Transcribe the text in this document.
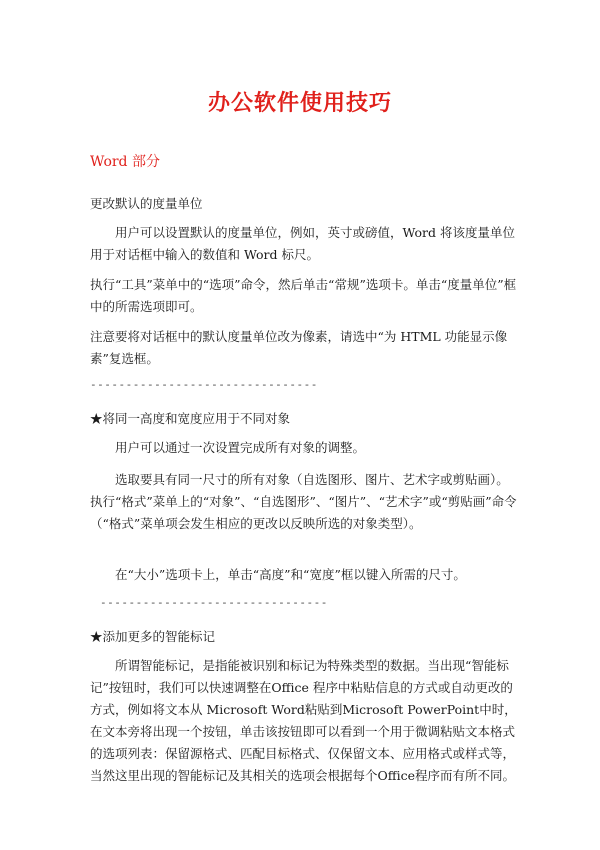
办公软件使用技巧
Word 部分

更改默认的度量单位

用户可以设置默认的度量单位，例如，英寸或磅值，Word 将该度量单位用于对话框中输入的数值和 Word 标尺。

执行“工具”菜单中的“选项”命令，然后单击“常规”选项卡。单击“度量单位”框中的所需选项即可。

注意要将对话框中的默认度量单位改为像素，请选中“为 HTML 功能显示像素”复选框。

--------------------------------

★将同一高度和宽度应用于不同对象

用户可以通过一次设置完成所有对象的调整。

选取要具有同一尺寸的所有对象（自选图形、图片、艺术字或剪贴画）。执行“格式”菜单上的“对象”、“自选图形”、“图片”、“艺术字”或“剪贴画”命令（“格式”菜单项会发生相应的更改以反映所选的对象类型）。

在“大小”选项卡上，单击“高度”和“宽度”框以键入所需的尺寸。

--------------------------------

★添加更多的智能标记

所谓智能标记，是指能被识别和标记为特殊类型的数据。当出现“智能标记”按钮时，我们可以快速调整在Office 程序中粘贴信息的方式或自动更改的方式，例如将文本从 Microsoft Word粘贴到Microsoft PowerPoint中时，在文本旁将出现一个按钮，单击该按钮即可以看到一个用于微调粘贴文本格式的选项列表：保留源格式、匹配目标格式、仅保留文本、应用格式或样式等，当然这里出现的智能标记及其相关的选项会根据每个Office程序而有所不同。
